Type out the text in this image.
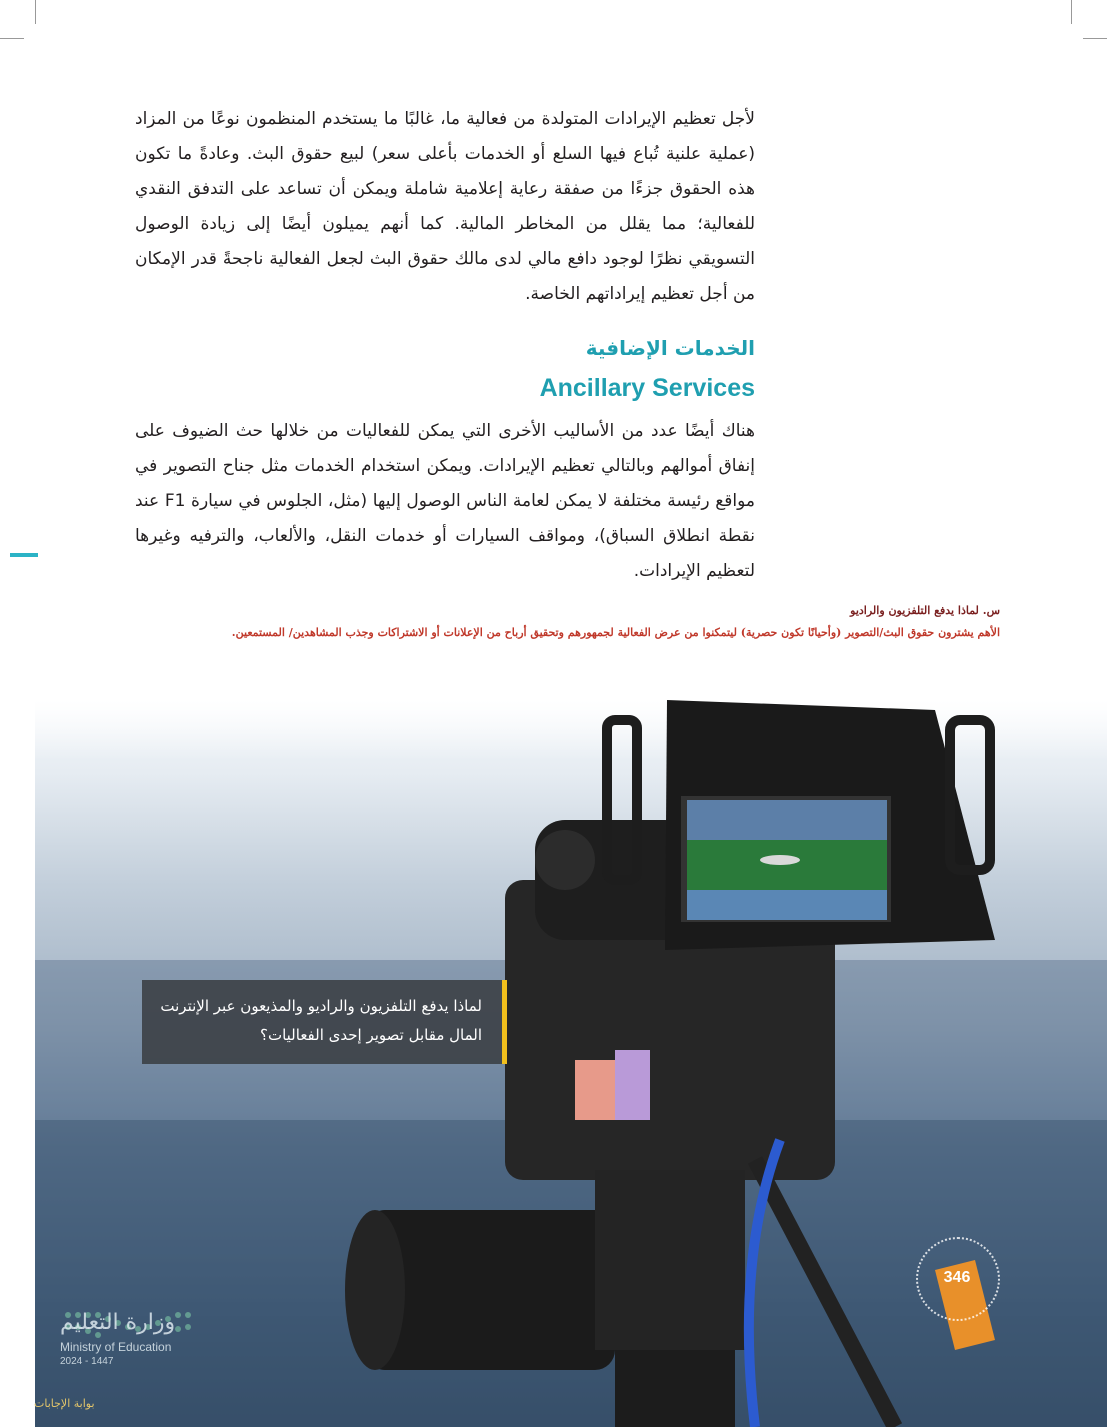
لأجل تعظيم الإيرادات المتولدة من فعالية ما، غالبًا ما يستخدم المنظمون نوعًا من المزاد (عملية علنية تُباع فيها السلع أو الخدمات بأعلى سعر) لبيع حقوق البث. وعادةً ما تكون هذه الحقوق جزءًا من صفقة رعاية إعلامية شاملة ويمكن أن تساعد على التدفق النقدي للفعالية؛ مما يقلل من المخاطر المالية. كما أنهم يميلون أيضًا إلى زيادة الوصول التسويقي نظرًا لوجود دافع مالي لدى مالك حقوق البث لجعل الفعالية ناجحةً قدر الإمكان من أجل تعظيم إيراداتهم الخاصة.

الخدمات الإضافية
Ancillary Services

هناك أيضًا عدد من الأساليب الأخرى التي يمكن للفعاليات من خلالها حث الضيوف على إنفاق أموالهم وبالتالي تعظيم الإيرادات. ويمكن استخدام الخدمات مثل جناح التصوير في مواقع رئيسة مختلفة لا يمكن لعامة الناس الوصول إليها (مثل، الجلوس في سيارة F1 عند نقطة انطلاق السباق)، ومواقف السيارات أو خدمات النقل، والألعاب، والترفيه وغيرها لتعظيم الإيرادات.

س. لماذا يدفع التلفزيون والراديو
الأهم يشترون حقوق البث/التصوير (وأحيانًا تكون حصرية) ليتمكنوا من عرض الفعالية لجمهورهم وتحقيق أرباح من الإعلانات أو الاشتراكات وجذب المشاهدين/ المستمعين.

لماذا يدفع التلفزيون والراديو والمذيعون عبر الإنترنت المال مقابل تصوير إحدى الفعاليات؟

346
وزارة التعليم
Ministry of Education
2024 - 1447
بوابة الإجابات
